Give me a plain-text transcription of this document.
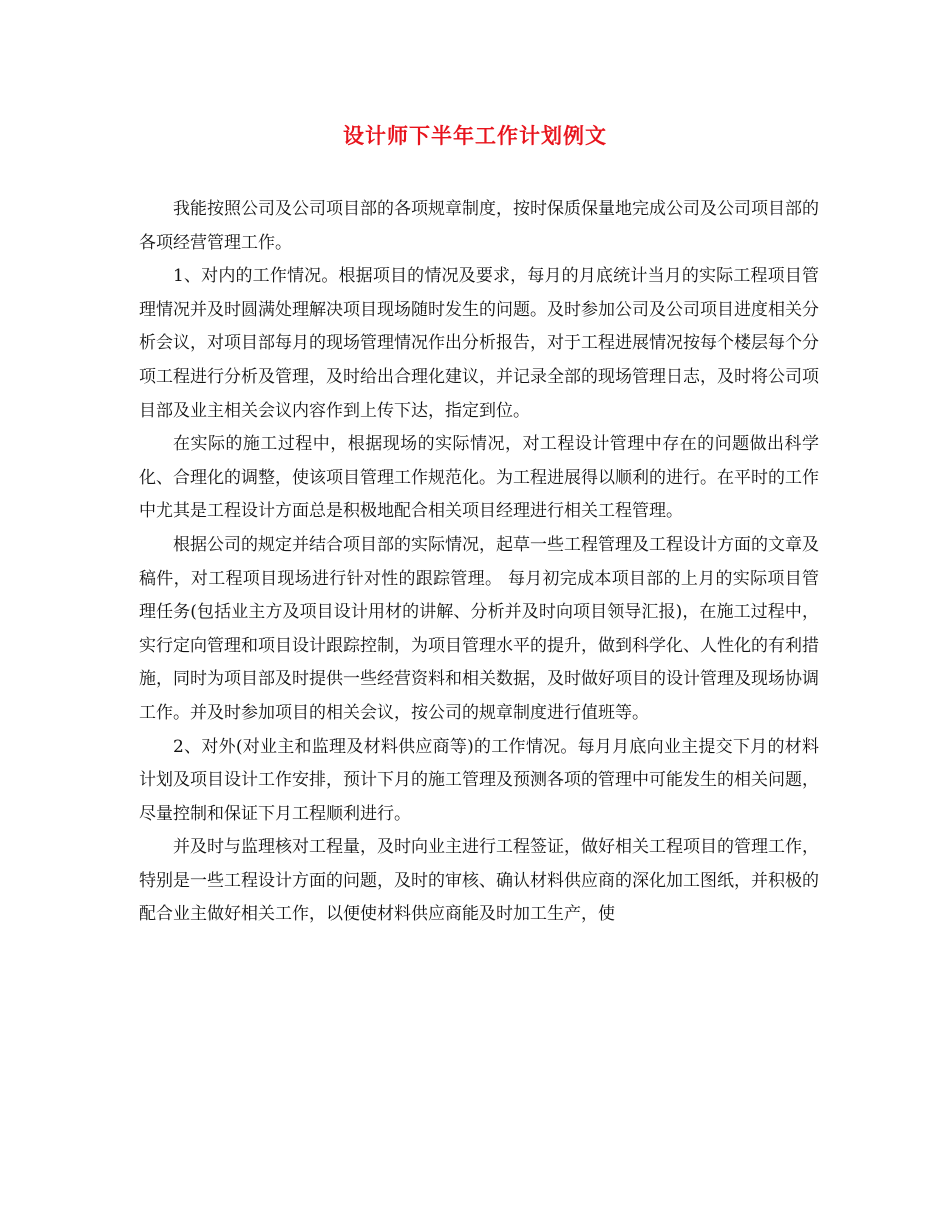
设计师下半年工作计划例文

我能按照公司及公司项目部的各项规章制度，按时保质保量地完成公司及公司项目部的各项经营管理工作。

1、对内的工作情况。根据项目的情况及要求，每月的月底统计当月的实际工程项目管理情况并及时圆满处理解决项目现场随时发生的问题。及时参加公司及公司项目进度相关分析会议，对项目部每月的现场管理情况作出分析报告，对于工程进展情况按每个楼层每个分项工程进行分析及管理，及时给出合理化建议，并记录全部的现场管理日志，及时将公司项目部及业主相关会议内容作到上传下达，指定到位。

在实际的施工过程中，根据现场的实际情况，对工程设计管理中存在的问题做出科学化、合理化的调整，使该项目管理工作规范化。为工程进展得以顺利的进行。在平时的工作中尤其是工程设计方面总是积极地配合相关项目经理进行相关工程管理。

根据公司的规定并结合项目部的实际情况，起草一些工程管理及工程设计方面的文章及稿件，对工程项目现场进行针对性的跟踪管理。 每月初完成本项目部的上月的实际项目管理任务(包括业主方及项目设计用材的讲解、分析并及时向项目领导汇报)，在施工过程中，实行定向管理和项目设计跟踪控制，为项目管理水平的提升，做到科学化、人性化的有利措施，同时为项目部及时提供一些经营资料和相关数据，及时做好项目的设计管理及现场协调工作。并及时参加项目的相关会议，按公司的规章制度进行值班等。

2、对外(对业主和监理及材料供应商等)的工作情况。每月月底向业主提交下月的材料计划及项目设计工作安排，预计下月的施工管理及预测各项的管理中可能发生的相关问题，尽量控制和保证下月工程顺利进行。

并及时与监理核对工程量，及时向业主进行工程签证，做好相关工程项目的管理工作，特别是一些工程设计方面的问题，及时的审核、确认材料供应商的深化加工图纸，并积极的配合业主做好相关工作，以便使材料供应商能及时加工生产，使
